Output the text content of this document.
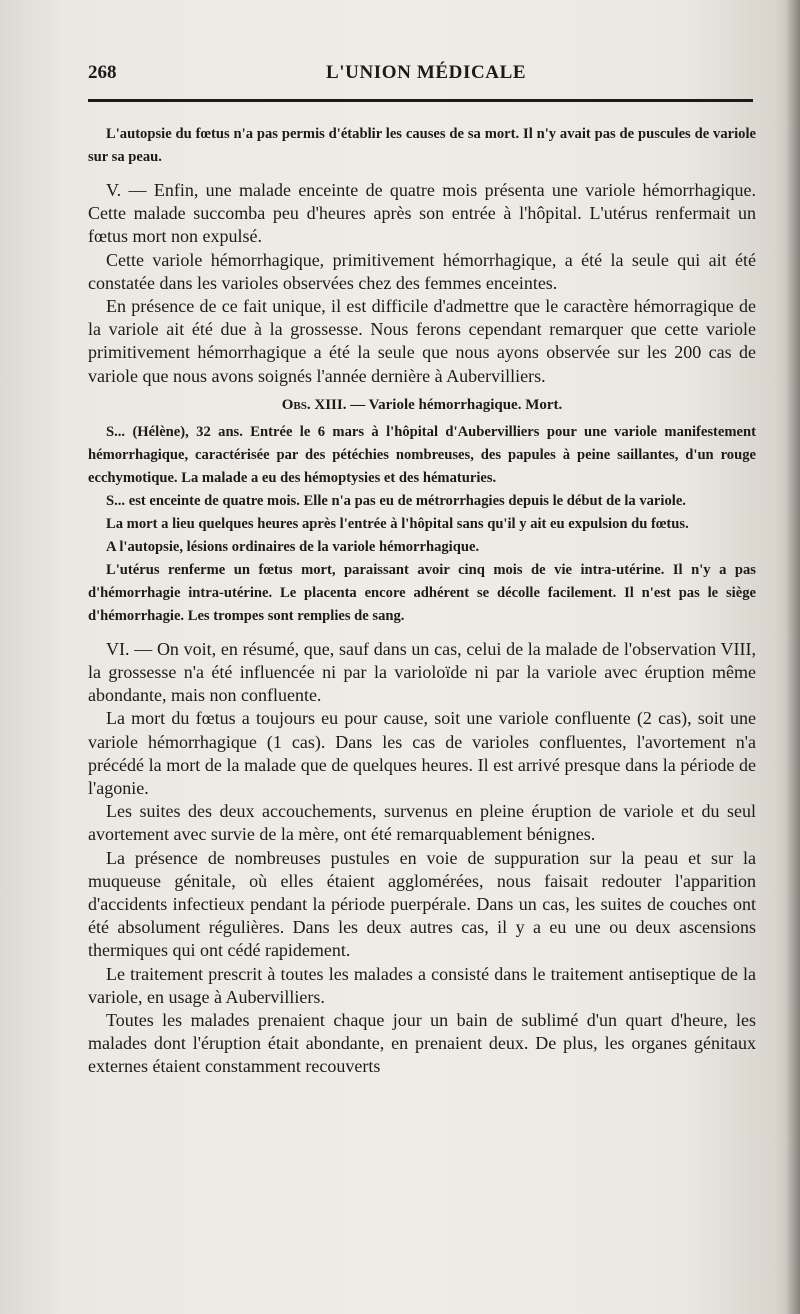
268	L'UNION MÉDICALE

L'autopsie du fœtus n'a pas permis d'établir les causes de sa mort. Il n'y avait pas de puscules de variole sur sa peau.

V. — Enfin, une malade enceinte de quatre mois présenta une variole hémorrhagique. Cette malade succomba peu d'heures après son entrée à l'hôpital. L'utérus renfermait un fœtus mort non expulsé.

Cette variole hémorrhagique, primitivement hémorrhagique, a été la seule qui ait été constatée dans les varioles observées chez des femmes enceintes.

En présence de ce fait unique, il est difficile d'admettre que le caractère hémorragique de la variole ait été due à la grossesse. Nous ferons cependant remarquer que cette variole primitivement hémorrhagique a été la seule que nous ayons observée sur les 200 cas de variole que nous avons soignés l'année dernière à Aubervilliers.

Obs. XIII. — Variole hémorrhagique. Mort.

S... (Hélène), 32 ans. Entrée le 6 mars à l'hôpital d'Aubervilliers pour une variole manifestement hémorrhagique, caractérisée par des pétéchies nombreuses, des papules à peine saillantes, d'un rouge ecchymotique. La malade a eu des hémoptysies et des hématuries.

S... est enceinte de quatre mois. Elle n'a pas eu de métrorrhagies depuis le début de la variole.

La mort a lieu quelques heures après l'entrée à l'hôpital sans qu'il y ait eu expulsion du fœtus.

A l'autopsie, lésions ordinaires de la variole hémorrhagique.

L'utérus renferme un fœtus mort, paraissant avoir cinq mois de vie intra-utérine. Il n'y a pas d'hémorrhagie intra-utérine. Le placenta encore adhérent se décolle facilement. Il n'est pas le siège d'hémorrhagie. Les trompes sont remplies de sang.

VI. — On voit, en résumé, que, sauf dans un cas, celui de la malade de l'observation VIII, la grossesse n'a été influencée ni par la varioloïde ni par la variole avec éruption même abondante, mais non confluente.

La mort du fœtus a toujours eu pour cause, soit une variole confluente (2 cas), soit une variole hémorrhagique (1 cas). Dans les cas de varioles confluentes, l'avortement n'a précédé la mort de la malade que de quelques heures. Il est arrivé presque dans la période de l'agonie.

Les suites des deux accouchements, survenus en pleine éruption de variole et du seul avortement avec survie de la mère, ont été remarquablement bénignes.

La présence de nombreuses pustules en voie de suppuration sur la peau et sur la muqueuse génitale, où elles étaient agglomérées, nous faisait redouter l'apparition d'accidents infectieux pendant la période puerpérale. Dans un cas, les suites de couches ont été absolument régulières. Dans les deux autres cas, il y a eu une ou deux ascensions thermiques qui ont cédé rapidement.

Le traitement prescrit à toutes les malades a consisté dans le traitement antiseptique de la variole, en usage à Aubervilliers.

Toutes les malades prenaient chaque jour un bain de sublimé d'un quart d'heure, les malades dont l'éruption était abondante, en prenaient deux. De plus, les organes génitaux externes étaient constamment recouverts
